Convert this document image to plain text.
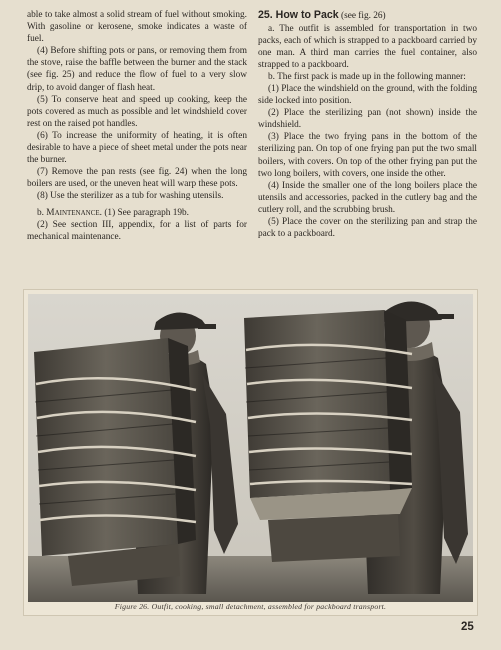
able to take almost a solid stream of fuel without smoking. With gasoline or kerosene, smoke indicates a waste of fuel.

(4) Before shifting pots or pans, or removing them from the stove, raise the baffle between the burner and the stack (see fig. 25) and reduce the flow of fuel to a very slow drip, to avoid danger of flash heat.

(5) To conserve heat and speed up cooking, keep the pots covered as much as possible and let windshield cover rest on the raised pot handles.

(6) To increase the uniformity of heating, it is often desirable to have a piece of sheet metal under the pots near the burner.

(7) Remove the pan rests (see fig. 24) when the long boilers are used, or the uneven heat will warp these pots.

(8) Use the sterilizer as a tub for washing utensils.

b. Maintenance. (1) See paragraph 19b.

(2) See section III, appendix, for a list of parts for mechanical maintenance.

25. How to Pack (see fig. 26)

a. The outfit is assembled for transportation in two packs, each of which is strapped to a packboard carried by one man. A third man carries the fuel container, also strapped to a packboard.

b. The first pack is made up in the following manner:

(1) Place the windshield on the ground, with the folding side locked into position.

(2) Place the sterilizing pan (not shown) inside the windshield.

(3) Place the two frying pans in the bottom of the sterilizing pan. On top of one frying pan put the two small boilers, with covers. On top of the other frying pan put the two long boilers, with covers, one inside the other.

(4) Inside the smaller one of the long boilers place the utensils and accessories, packed in the cutlery bag and the cutlery roll, and the scrubbing brush.

(5) Place the cover on the sterilizing pan and strap the pack to a packboard.

Figure 26. Outfit, cooking, small detachment, assembled for packboard transport.
25
